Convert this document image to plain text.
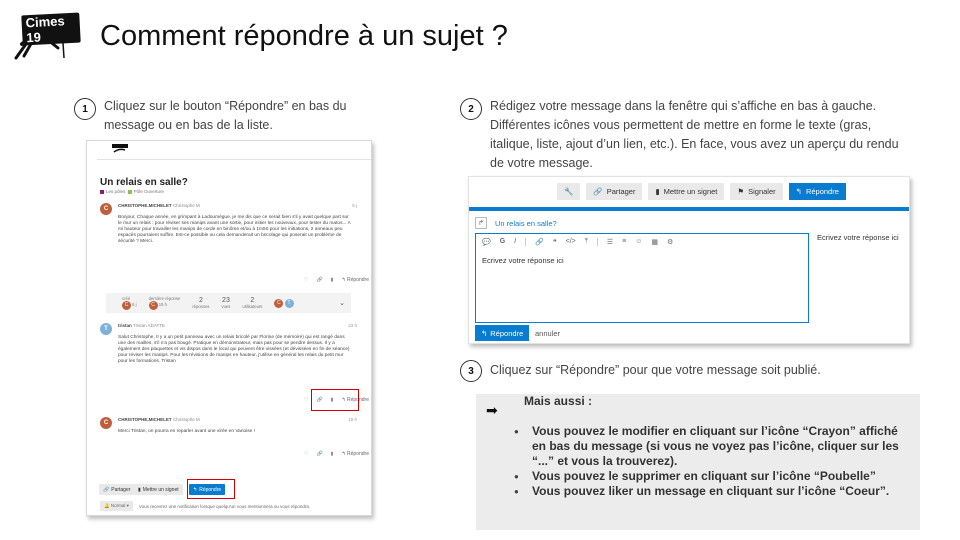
Cimes 19	Comment répondre à un sujet ?
1	Cliquez sur le bouton “Répondre” en bas du message ou en bas de la liste.
2	Rédigez votre message dans la fenêtre qui s’affiche en bas à gauche. Différentes icônes vous permettent de mettre en forme le texte (gras, italique, liste, ajout d’un lien, etc.). En face, vous avez un aperçu du rendu de votre message.
3	Cliquez sur “Répondre” pour que votre message soit publié.
Un relais en salle?
Les pôles Pôle Ouverture
C
CHRISTOPHE.MICHELET Christophe M	5 j
Bonjour, Chaque année, en grimpant à Ladoumègue, je me dis que ce serait bien s'il y avait quelque part sur le mur un relais : pour réviser ses manips avant une sortie, pour initier les nouveaux, pour tester du matos... A mi hauteur pour travailler les manips de corde en binôme et/ou à 1m50 pour les initiations, 2 anneaux peu espacés pourraient suffire. Est-ce possible ou cela demanderait un bricolage qui poserait un problème de sécurité ? Merci.
♡ 🔗 ▮ ↰ Répondre
créé
C 5 j
dernière réponse
C 19 h
2
réponses
23
vues
2
utilisateurs
C T	⌄
T
tristan Tristan ADATTE	23 h
Salut Christophe, Il y a un petit panneau avec un relais bricolé par Florine (de mémoire) qui est rangé dans une des mailles, s'il n'a pas bougé. Pratique en démonstrateur, mais pas pour se pendre dessus. Il y a également des plaquettes et vis dispos dans le local qui peuvent être vissées (et dévissées en fin de séance) pour réviser les manips. Pour les révisions de manips en hauteur, j'utilise en général les relais du petit mur pour les formations. Tristan
♡ 🔗 ▮ ↰ Répondre
C
CHRISTOPHE.MICHELET Christophe M	19 h
Merci Tristan, on pourra en reparler avant une virée en Vanoise !
♡ 🔗 ▮ ↰ Répondre
🔗 Partager ▮ Mettre un signet	↰ Répondre
🔔 Normal ▾	Vous recevrez une notification lorsque quelqu'un vous mentionnera ou vous répondra.
🔧	🔗 Partager	▮ Mettre un signet	⚑ Signaler	↰ Répondre
↱	Un relais en salle?
💬 G I	🔗 ❝ </> ⤒	☰ ≡ ☺ ▦ ⚙
Ecrivez votre réponse ici
Ecrivez votre réponse ici
↰ Répondre annuler
➡
Mais aussi :
● Vous pouvez le modifier en cliquant sur l’icône “Crayon” affiché en bas du message (si vous ne voyez pas l’icône, cliquer sur les “...” et vous la trouverez).
● Vous pouvez le supprimer en cliquant sur l’icône “Poubelle”
● Vous pouvez liker un message en cliquant sur l’icône “Coeur”.
